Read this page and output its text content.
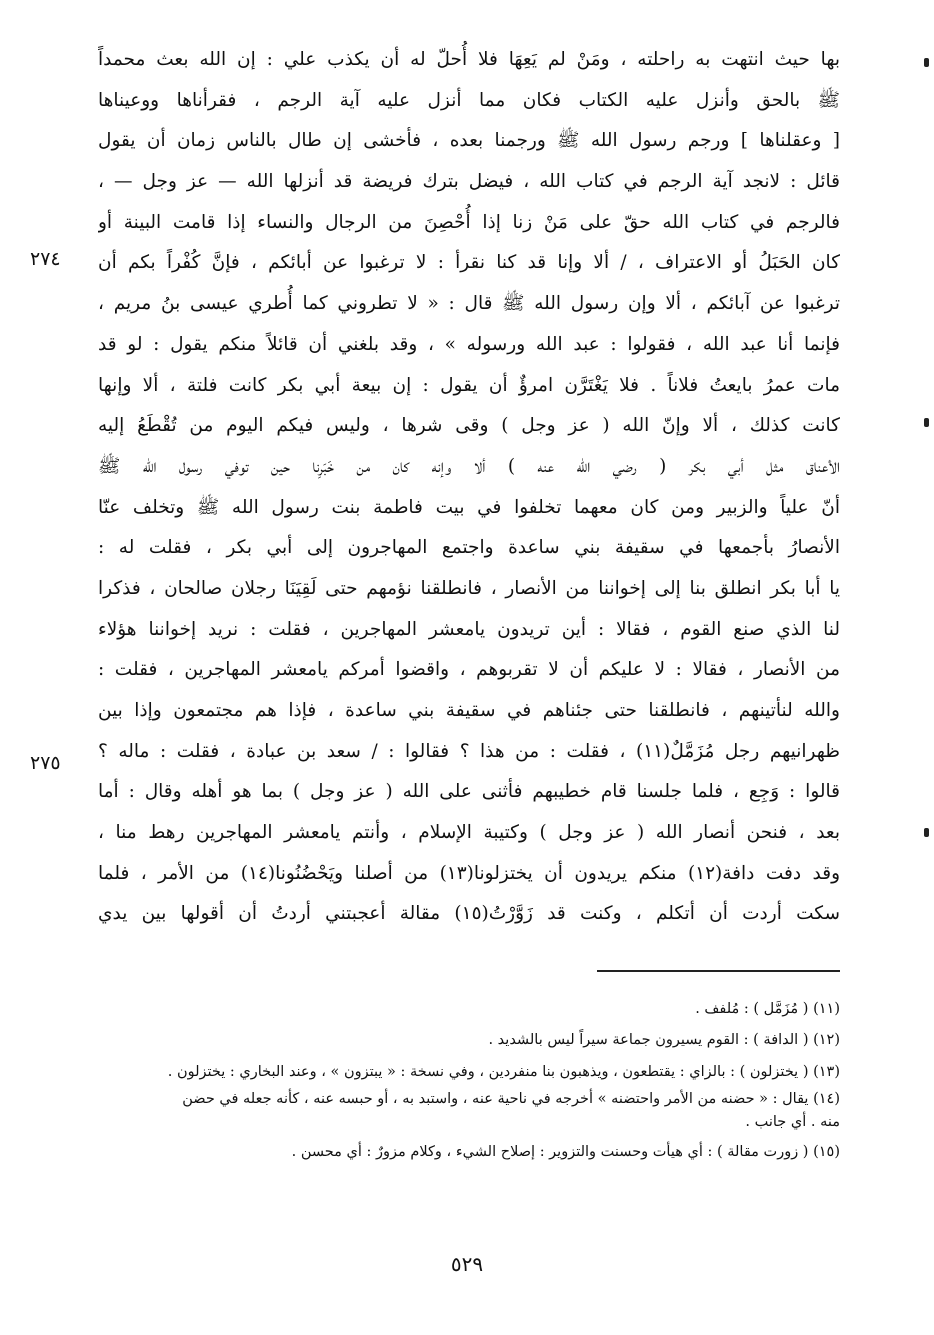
بها حيث انتهت به راحلته ، ومَنْ لم يَعِهَا فلا أُحلّ له أن يكذب علي : إن الله بعث محمداً
ﷺ بالحق وأنزل عليه الكتاب فكان مما أنزل عليه آية الرجم ، فقرأناها ووعيناها
[ وعقلناها ] ورجم رسول الله ﷺ ورجمنا بعده ، فأخشى إن طال بالناس زمان أن يقول
قائل : لانجد آية الرجم في كتاب الله ، فيضل بترك فريضة قد أنزلها الله — عز وجل — ،
فالرجم في كتاب الله حقّ على مَنْ زنا إذا أُحْصِنَ من الرجال والنساء إذا قامت البينة أو
كان الحَبَلُ أو الاعتراف ، / ألا وإنا قد كنا نقرأ : لا ترغبوا عن أبائكم ، فإنَّ كُفْراً بكم أن
ترغبوا عن آبائكم ، ألا وإن رسول الله ﷺ قال : « لا تطروني كما أُطري عيسى بنُ مريم ،
فإنما أنا عبد الله ، فقولوا : عبد الله ورسوله » ، وقد بلغني أن قائلاً منكم يقول : لو قد
مات عمرُ بايعتُ فلاناً . فلا يَغْتَرَّن امرؤٌ أن يقول : إن بيعة أبي بكر كانت فلتة ، ألا وإنها
كانت كذلك ، ألا وإنّ الله ( عز وجل ) وقى شرها ، وليس فيكم اليوم من تُقْطَعُ إليه
الأعناق مثل أبي بكر ( رضي الله عنه ) ألا وإنه كان من خَبَرِنا حين توفي رسول الله ﷺ
أنّ علياً والزبير ومن كان معهما تخلفوا في بيت فاطمة بنت رسول الله ﷺ وتخلف عنّا
الأنصارُ بأجمعها في سقيفة بني ساعدة واجتمع المهاجرون إلى أبي بكر ، فقلت له :
يا أبا بكر انطلق بنا إلى إخواننا من الأنصار ، فانطلقنا نؤمهم حتى لَقِيَنَا رجلان صالحان ، فذكرا
لنا الذي صنع القوم ، فقالا : أين تريدون يامعشر المهاجرين ، فقلت : نريد إخواننا هؤلاء
من الأنصار ، فقالا : لا عليكم أن لا تقربوهم ، واقضوا أمركم يامعشر المهاجرين ، فقلت :
والله لنأتينهم ، فانطلقنا حتى جئناهم في سقيفة بني ساعدة ، فإذا هم مجتمعون وإذا بين
ظهرانيهم رجل مُزَمَّلٌ(١١) ، فقلت : من هذا ؟ فقالوا : / سعد بن عبادة ، فقلت : ماله ؟
قالوا : وَجِع ، فلما جلسنا قام خطيبهم فأثنى على الله ( عز وجل ) بما هو أهله وقال : أما
بعد ، فنحن أنصار الله ( عز وجل ) وكتيبة الإسلام ، وأنتم يامعشر المهاجرين رهط منا ،
وقد دفت دافة(١٢) منكم يريدون أن يختزلونا(١٣) من أصلنا ويَحْضُنُونا(١٤) من الأمر ، فلما
سكت أردت أن أتكلم ، وكنت قد زَوَّرْتُ(١٥) مقالة أعجبتني أردتُ أن أقولها بين يدي
٢٧٤
٢٧٥
(١١) ( مُزَمَّل ) : مُلفف .
(١٢) ( الدافة ) : القوم يسيرون جماعة سيراً ليس بالشديد .
(١٣) ( يختزلون ) : بالزاي : يقتطعون ، ويذهبون بنا منفردين ، وفي نسخة : « يبتزون » ، وعند البخاري : يختزلون .
(١٤) يقال : « حضنه من الأمر واحتضنه » أخرجه في ناحية عنه ، واستبد به ، أو حبسه عنه ، كأنه جعله في حضن
منه . أي جانب .
(١٥) ( زورت مقالة ) : أي هيأت وحسنت والتزوير : إصلاح الشيء ، وكلام مزورٌ : أي محسن .
٥٢٩
